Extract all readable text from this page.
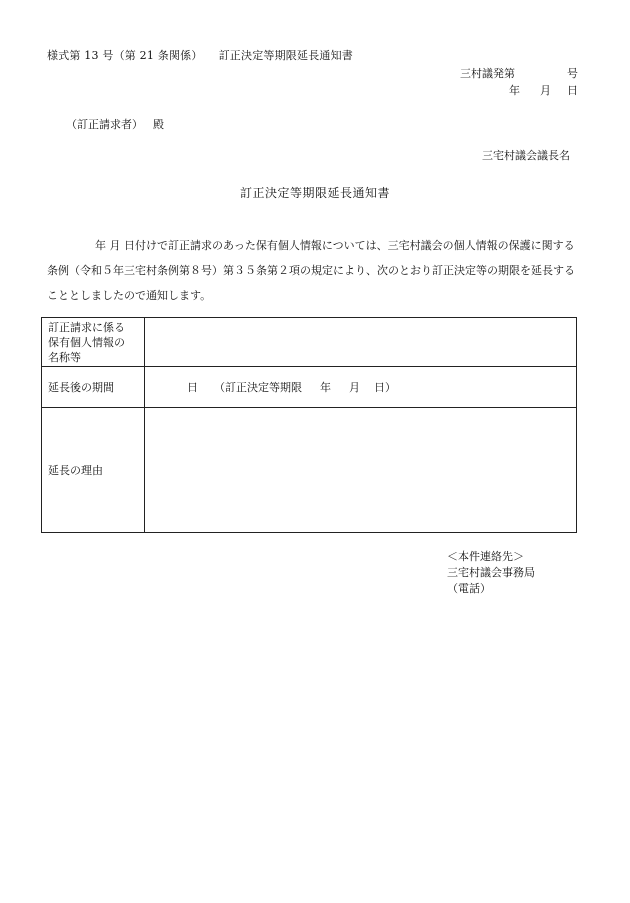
様式第 13 号（第 21 条関係） 訂正決定等期限延長通知書
三村議発第	号
年 月 日
（訂正請求者） 殿
三宅村議会議長名
訂正決定等期限延長通知書
年 月 日付けで訂正請求のあった保有個人情報については、三宅村議会の個人情報の保護に関する条例（令和５年三宅村条例第８号）第３５条第２項の規定により、次のとおり訂正決定等の期限を延長することとしましたので通知します。
訂正請求に係る
保有個人情報の
名称等	

延長後の期間	日 （訂正決定等期限 年 月 日）
延長の理由	
＜本件連絡先＞
三宅村議会事務局
（電話）
